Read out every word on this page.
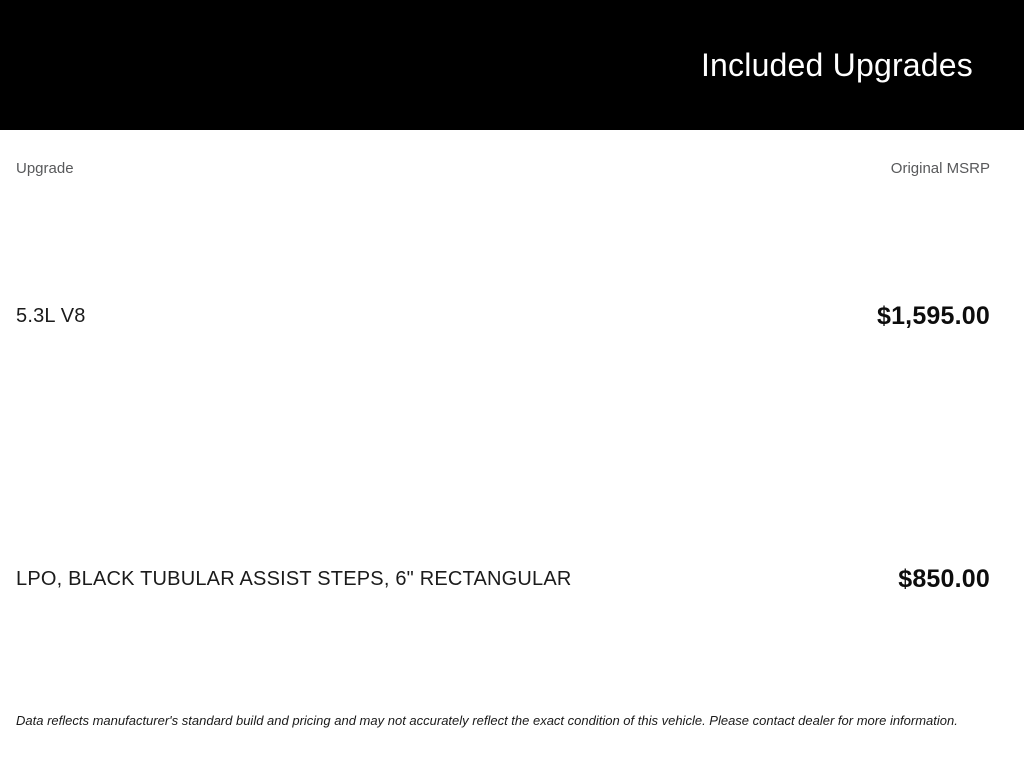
Included Upgrades
Upgrade	Original MSRP
5.3L V8	$1,595.00
LPO, BLACK TUBULAR ASSIST STEPS, 6" RECTANGULAR	$850.00

Data reflects manufacturer's standard build and pricing and may not accurately reflect the exact condition of this vehicle. Please contact dealer for more information.
